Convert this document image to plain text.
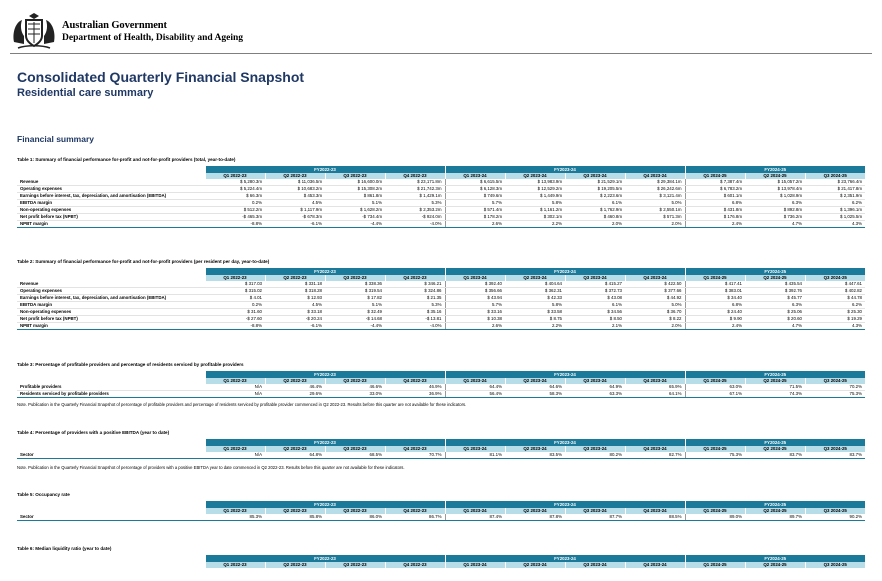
Australian Government
Department of Health, Disability and Ageing
Consolidated Quarterly Financial Snapshot
Residential care summary
Financial summary
Table 1: Summary of financial performance for-profit and not-for-profit providers (total, year-to-date)
	FY2022-23				FY2023-24				FY2024-25		
	Q1 2022-23	Q2 2022-23	Q3 2022-23	Q4 2022-23	Q1 2023-24	Q2 2023-24	Q3 2023-24	Q4 2023-24	Q1 2024-25	Q2 2024-25	Q3 2024-25
Revenue	$ 5,280.3m	$ 11,036.5m	$ 16,600.0m	$ 23,171.8m	$ 6,615.5m	$ 13,983.9m	$ 21,529.1m	$ 29,384.1m	$ 7,387.4m	$ 15,057.2m	$ 23,766.4m
Operating expenses	$ 5,224.4m	$ 10,683.2m	$ 15,308.2m	$ 21,742.3m	$ 6,128.3m	$ 12,529.2m	$ 19,205.5m	$ 26,242.6m	$ 6,783.2m	$ 13,978.4m	$ 21,417.8m
Earnings before interest, tax, depreciation, and amortisation (EBITDA)	$ 66.3m	$ 453.3m	$ 861.8m	$ 1,429.1m	$ 749.6m	$ 1,449.9m	$ 2,223.6m	$ 3,121.4m	$ 601.1m	$ 1,028.9m	$ 2,351.9m
EBITDA margin	0.2%	4.5%	5.1%	5.3%	5.7%	5.8%	6.1%	5.0%	6.8%	6.3%	6.2%
Non-operating expenses	$ 512.2m	$ 1,117.9m	$ 1,628.2m	$ 2,353.2m	$ 571.4m	$ 1,161.2m	$ 1,762.9m	$ 2,550.1m	$ 431.8m	$ 892.8m	$ 1,396.1m
Net profit before tax (NPBT)	-$ 465.3m	-$ 678.3m	-$ 734.4m	-$ 924.0m	$ 178.2m	$ 302.1m	$ 460.8m	$ 571.3m	$ 176.8m	$ 736.2m	$ 1,025.5m
NPBT margin	-8.8%	-6.1%	-4.4%	-4.0%	2.6%	2.2%	2.0%	2.0%	2.4%	4.7%	4.3%
Table 2: Summary of financial performance for-profit and not-for-profit providers (per resident per day, year-to-date)
	FY2022-23				FY2023-24				FY2024-25		
	Q1 2022-23	Q2 2022-23	Q3 2022-23	Q4 2022-23	Q1 2023-24	Q2 2023-24	Q3 2023-24	Q4 2023-24	Q1 2024-25	Q2 2024-25	Q3 2024-25
Revenue	$ 317.03	$ 331.18	$ 338.36	$ 346.21	$ 392.40	$ 404.64	$ 415.27	$ 422.50	$ 417.41	$ 435.54	$ 447.61
Operating expenses	$ 315.02	$ 318.28	$ 319.54	$ 324.86	$ 356.66	$ 362.31	$ 372.73	$ 377.66	$ 383.01	$ 392.76	$ 402.82
Earnings before interest, tax, depreciation, and amortisation (EBITDA)	$ 4.01	$ 12.93	$ 17.82	$ 21.35	$ 43.94	$ 42.33	$ 43.08	$ 44.92	$ 34.40	$ 45.77	$ 44.78
EBITDA margin	0.2%	4.5%	5.1%	5.3%	5.7%	5.8%	6.1%	5.0%	6.8%	6.3%	6.2%
Non-operating expenses	$ 31.60	$ 33.18	$ 32.49	$ 35.16	$ 33.16	$ 33.58	$ 34.56	$ 36.70	$ 24.40	$ 25.06	$ 25.30
Net profit before tax (NPBT)	-$ 27.60	-$ 20.24	-$ 14.68	-$ 13.81	$ 10.38	$ 8.75	$ 8.50	$ 8.22	$ 9.90	$ 20.60	$ 19.29
NPBT margin	-8.8%	-6.1%	-4.4%	-4.0%	2.6%	2.2%	2.1%	2.0%	2.4%	4.7%	4.3%
Table 3: Percentage of profitable providers and percentage of residents serviced by profitable providers
	FY2022-23				FY2023-24				FY2024-25		
	Q1 2022-23	Q2 2022-23	Q3 2022-23	Q4 2022-23	Q1 2023-24	Q2 2023-24	Q3 2023-24	Q4 2023-24	Q1 2024-25	Q2 2024-25	Q3 2024-25
Profitable providers	N/A	46.4%	46.6%	46.9%	64.4%	64.6%	64.9%	65.9%	63.0%	71.5%	70.2%
Residents serviced by profitable providers	N/A	29.6%	33.0%	36.9%	56.4%	58.3%	63.3%	64.1%	67.1%	74.3%	75.3%
Note. Publication in the Quarterly Financial Snapshot of percentage of profitable providers and percentage of residents serviced by profitable provider commenced in Q2 2022-23. Results before this quarter are not available for these indicators.
Table 4: Percentage of providers with a positive EBITDA (year to date)
	FY2022-23				FY2023-24				FY2024-25		
	Q1 2022-23	Q2 2022-23	Q3 2022-23	Q4 2022-23	Q1 2023-24	Q2 2023-24	Q3 2023-24	Q4 2023-24	Q1 2024-25	Q2 2024-25	Q3 2024-25
Sector	N/A	64.8%	68.5%	70.7%	81.1%	83.5%	80.2%	82.7%	75.3%	83.7%	83.7%
Note. Publication in the Quarterly Financial Snapshot of percentage of providers with a positive EBITDA year to date commenced in Q2 2022-23. Results before this quarter are not available for these indicators.
Table 5: Occupancy rate
	FY2022-23				FY2023-24				FY2024-25		
	Q1 2022-23	Q2 2022-23	Q3 2022-23	Q4 2022-23	Q1 2023-24	Q2 2023-24	Q3 2023-24	Q4 2023-24	Q1 2024-25	Q2 2024-25	Q3 2024-25
Sector	85.3%	85.8%	86.0%	86.7%	87.4%	87.8%	87.7%	88.5%	89.0%	89.7%	90.2%
Table 6: Median liquidity ratio (year to date)
	FY2022-23				FY2023-24				FY2024-25		
	Q1 2022-23	Q2 2022-23	Q3 2022-23	Q4 2022-23	Q1 2023-24	Q2 2023-24	Q3 2023-24	Q4 2023-24	Q1 2024-25	Q2 2024-25	Q3 2024-25
